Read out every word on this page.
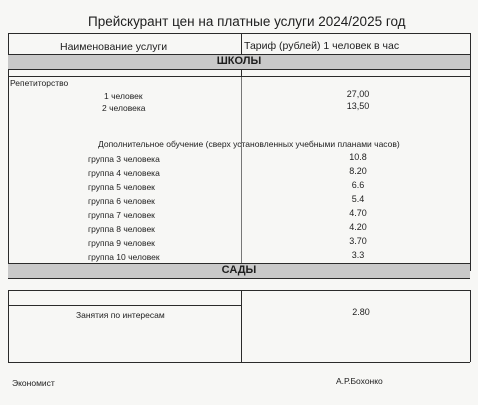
Прейскурант цен на платные услуги 2024/2025 год
Наименование услуги	Тариф (рублей) 1 человек в час
ШКОЛЫ
Репетиторство
1 человек	27,00
2 человека	13,50
Дополнительное обучение (сверх установленных учебными планами часов)
группа 3 человека	10.8
группа 4 человека	8.20
группа 5 человек	6.6
группа 6 человек	5.4
группа 7 человек	4.70
группа 8 человек	4.20
группа 9 человек	3.70
группа 10 человек	3.3
САДЫ
Занятия по интересам	2.80
Экономист	А.Р.Бохонко
